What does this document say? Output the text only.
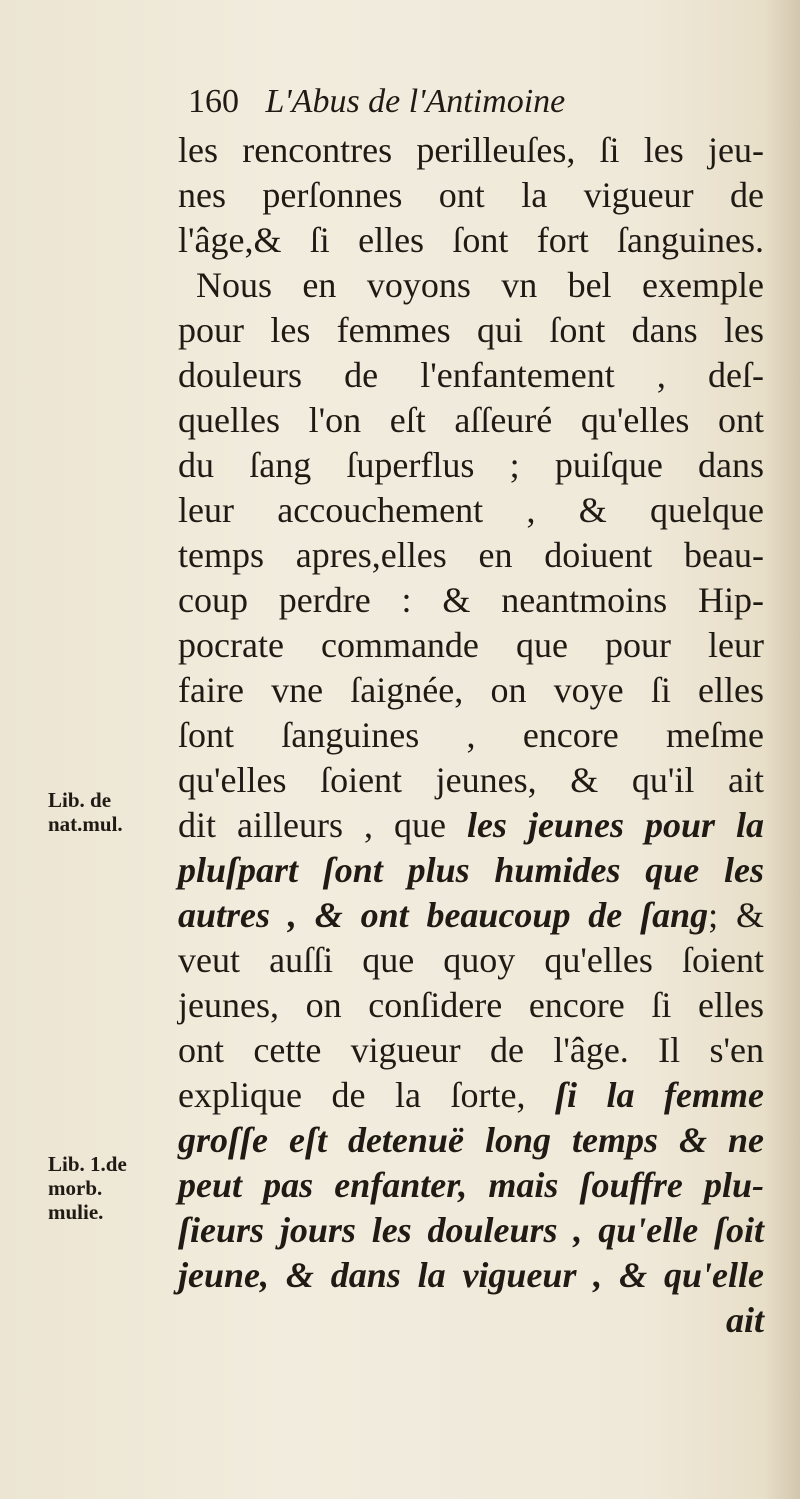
160 L'Abus de l'Antimoine
Lib. de
nat.mul.
Lib. 1.de
morb.
mulie.
les rencontres perilleuſes, ſi les jeu-
nes perſonnes ont la vigueur de
l'âge,& ſi elles ſont fort ſanguines.
Nous en voyons vn bel exemple
pour les femmes qui ſont dans les
douleurs de l'enfantement , deſ-
quelles l'on eſt aſſeuré qu'elles ont
du ſang ſuperflus ; puiſque dans
leur accouchement , & quelque
temps apres,elles en doiuent beau-
coup perdre : & neantmoins Hip-
pocrate commande que pour leur
faire vne ſaignée, on voye ſi elles
ſont ſanguines , encore meſme
qu'elles ſoient jeunes, & qu'il ait
dit ailleurs , que les jeunes pour la
pluſpart ſont plus humides que les
autres , & ont beaucoup de ſang; &
veut auſſi que quoy qu'elles ſoient
jeunes, on conſidere encore ſi elles
ont cette vigueur de l'âge. Il s'en
explique de la ſorte, ſi la femme
groſſe eſt detenuë long temps & ne
peut pas enfanter, mais ſouffre plu-
ſieurs jours les douleurs , qu'elle ſoit
jeune, & dans la vigueur , & qu'elle
ait
